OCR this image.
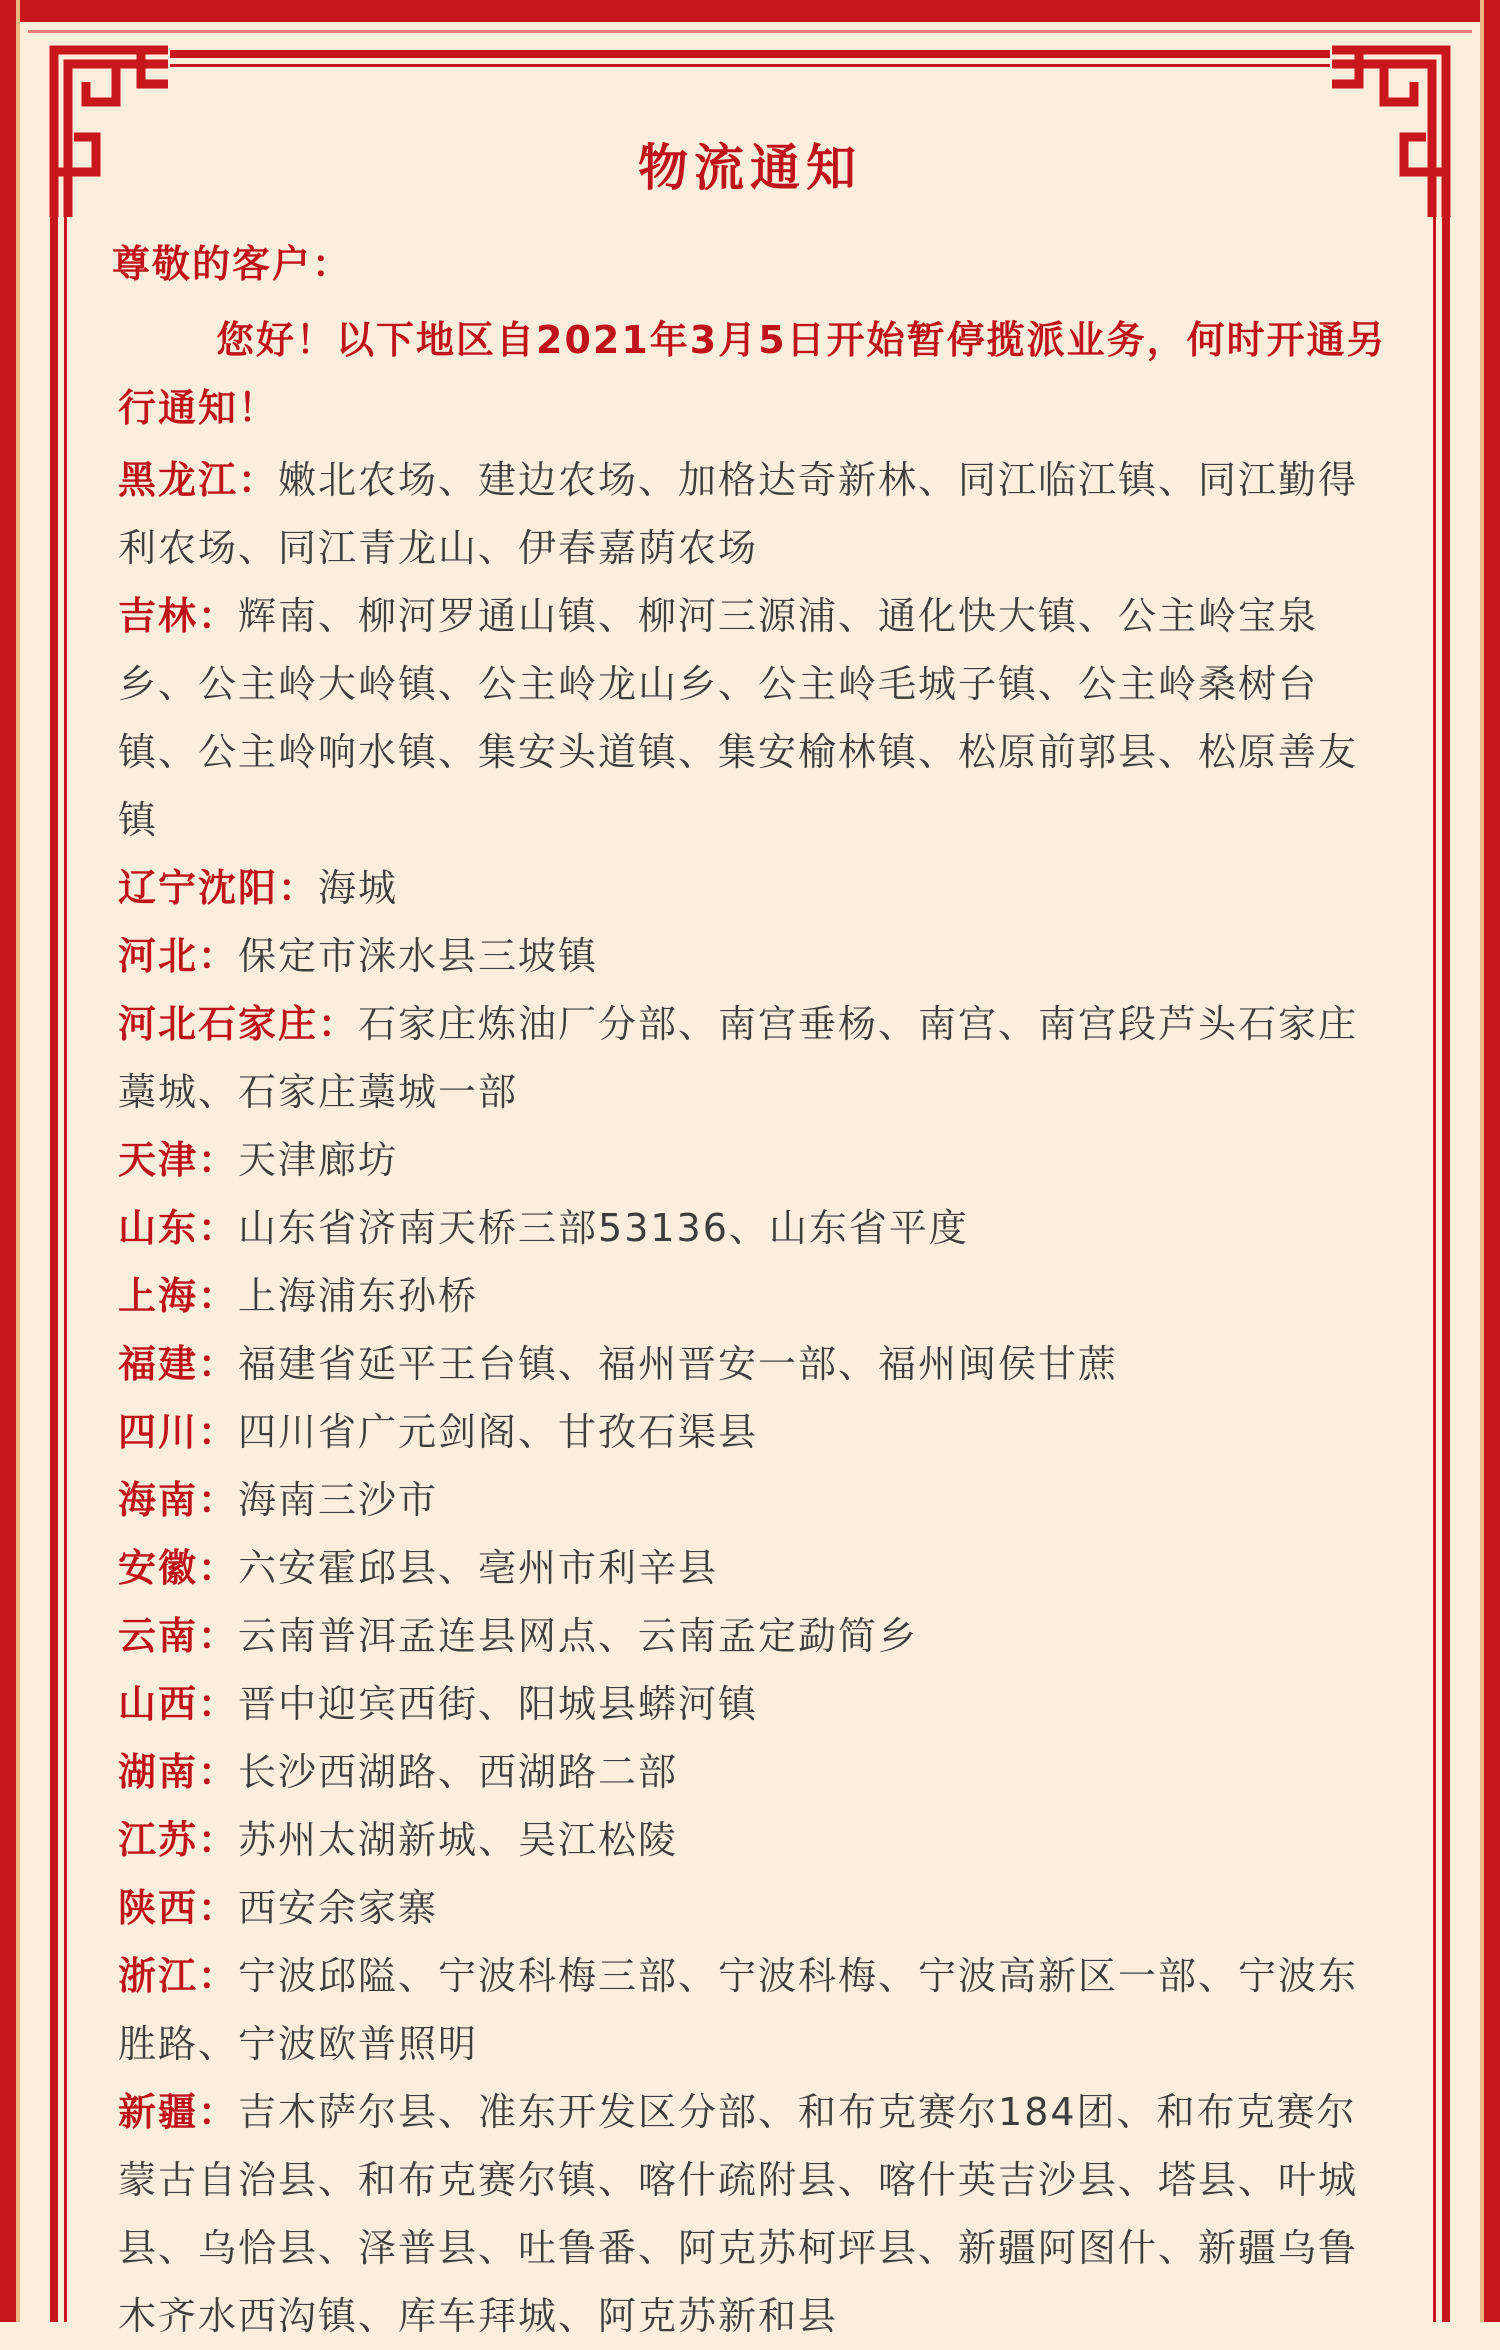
物流通知

尊敬的客户：

您好！以下地区自2021年3月5日开始暂停揽派业务，何时开通另行通知！

黑龙江：嫩北农场、建边农场、加格达奇新林、同江临江镇、同江勤得利农场、同江青龙山、伊春嘉荫农场

吉林：辉南、柳河罗通山镇、柳河三源浦、通化快大镇、公主岭宝泉乡、公主岭大岭镇、公主岭龙山乡、公主岭毛城子镇、公主岭桑树台镇、公主岭响水镇、集安头道镇、集安榆林镇、松原前郭县、松原善友镇

辽宁沈阳：海城

河北：保定市涞水县三坡镇

河北石家庄：石家庄炼油厂分部、南宫垂杨、南宫、南宫段芦头石家庄藁城、石家庄藁城一部

天津：天津廊坊

山东：山东省济南天桥三部53136、山东省平度

上海：上海浦东孙桥

福建：福建省延平王台镇、福州晋安一部、福州闽侯甘蔗

四川：四川省广元剑阁、甘孜石渠县

海南：海南三沙市

安徽：六安霍邱县、亳州市利辛县

云南：云南普洱孟连县网点、云南孟定勐简乡

山西：晋中迎宾西街、阳城县蟒河镇

湖南：长沙西湖路、西湖路二部

江苏：苏州太湖新城、吴江松陵

陕西：西安余家寨

浙江：宁波邱隘、宁波科梅三部、宁波科梅、宁波高新区一部、宁波东胜路、宁波欧普照明

新疆：吉木萨尔县、准东开发区分部、和布克赛尔184团、和布克赛尔蒙古自治县、和布克赛尔镇、喀什疏附县、喀什英吉沙县、塔县、叶城县、乌恰县、泽普县、吐鲁番、阿克苏柯坪县、新疆阿图什、新疆乌鲁木齐水西沟镇、库车拜城、阿克苏新和县
